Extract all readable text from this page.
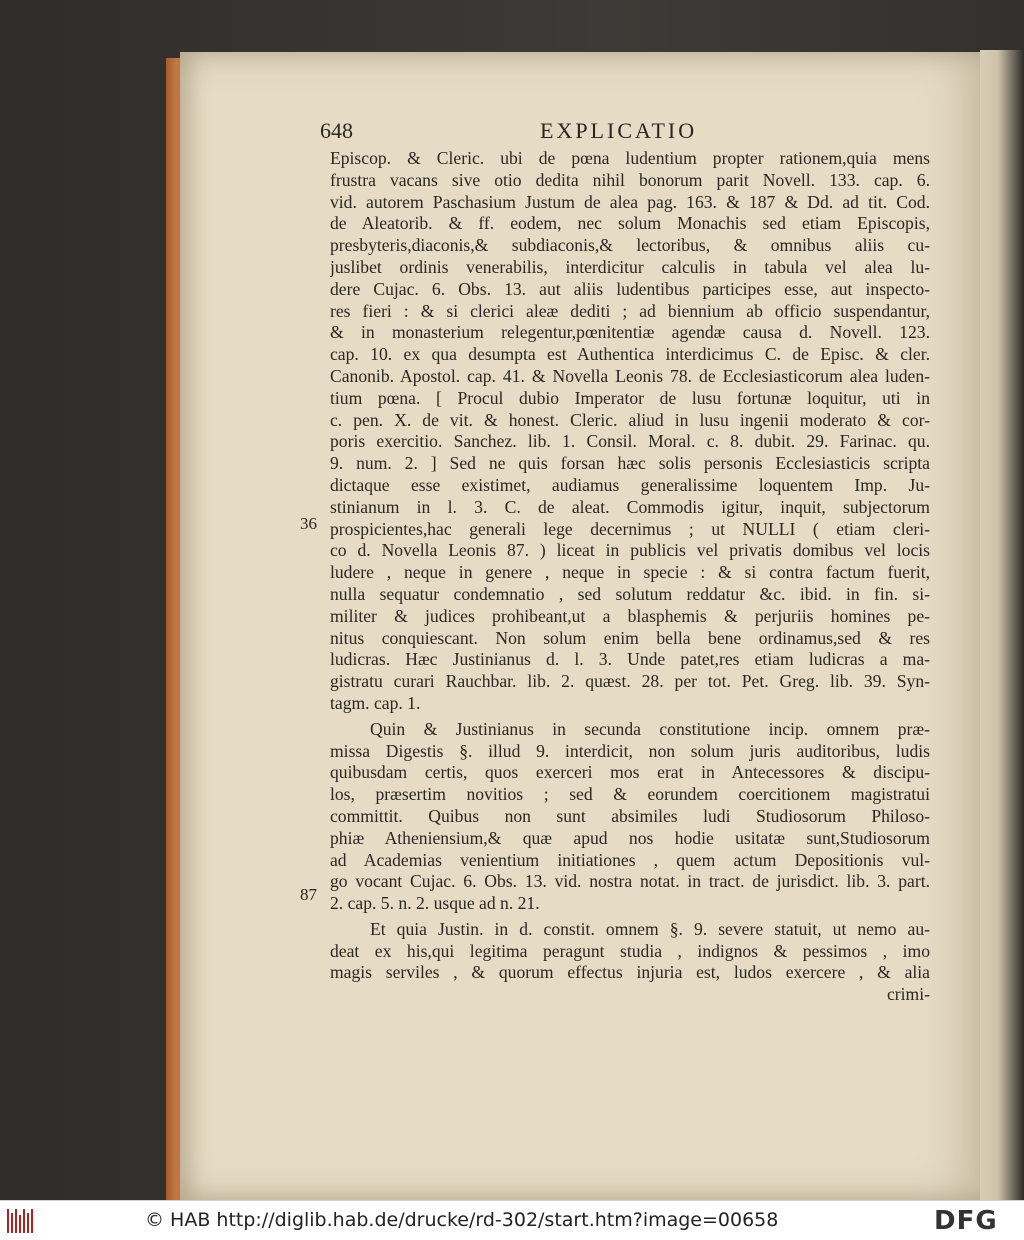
648	EXPLICATIO
36
87
Episcop. & Cleric. ubi de pœna ludentium propter rationem,quia mens
frustra vacans sive otio dedita nihil bonorum parit Novell. 133. cap. 6.
vid. autorem Paschasium Justum de alea pag. 163. & 187 & Dd. ad tit. Cod.
de Aleatorib. & ff. eodem, nec solum Monachis sed etiam Episcopis,
presbyteris,diaconis,& subdiaconis,& lectoribus, & omnibus aliis cu-
juslibet ordinis venerabilis, interdicitur calculis in tabula vel alea lu-
dere Cujac. 6. Obs. 13. aut aliis ludentibus participes esse, aut inspecto-
res fieri : & si clerici aleæ dediti ; ad biennium ab officio suspendantur,
& in monasterium relegentur,pœnitentiæ agendæ causa d. Novell. 123.
cap. 10. ex qua desumpta est Authentica interdicimus C. de Episc. & cler.
Canonib. Apostol. cap. 41. & Novella Leonis 78. de Ecclesiasticorum alea luden-
tium pœna. [ Procul dubio Imperator de lusu fortunæ loquitur, uti in
c. pen. X. de vit. & honest. Cleric. aliud in lusu ingenii moderato & cor-
poris exercitio. Sanchez. lib. 1. Consil. Moral. c. 8. dubit. 29. Farinac. qu.
9. num. 2. ] Sed ne quis forsan hæc solis personis Ecclesiasticis scripta
dictaque esse existimet, audiamus generalissime loquentem Imp. Ju-
stinianum in l. 3. C. de aleat. Commodis igitur, inquit, subjectorum
prospicientes,hac generali lege decernimus ; ut NULLI ( etiam cleri-
co d. Novella Leonis 87. ) liceat in publicis vel privatis domibus vel locis
ludere , neque in genere , neque in specie : & si contra factum fuerit,
nulla sequatur condemnatio , sed solutum reddatur &c. ibid. in fin. si-
militer & judices prohibeant,ut a blasphemis & perjuriis homines pe-
nitus conquiescant. Non solum enim bella bene ordinamus,sed & res
ludicras. Hæc Justinianus d. l. 3. Unde patet,res etiam ludicras a ma-
gistratu curari Rauchbar. lib. 2. quæst. 28. per tot. Pet. Greg. lib. 39. Syn-
tagm. cap. 1.
Quin & Justinianus in secunda constitutione incip. omnem præ-
missa Digestis §. illud 9. interdicit, non solum juris auditoribus, ludis
quibusdam certis, quos exerceri mos erat in Antecessores & discipu-
los, præsertim novitios ; sed & eorundem coercitionem magistratui
committit. Quibus non sunt absimiles ludi Studiosorum Philoso-
phiæ Atheniensium,& quæ apud nos hodie usitatæ sunt,Studiosorum
ad Academias venientium initiationes , quem actum Depositionis vul-
go vocant Cujac. 6. Obs. 13. vid. nostra notat. in tract. de jurisdict. lib. 3. part.
2. cap. 5. n. 2. usque ad n. 21.
Et quia Justin. in d. constit. omnem §. 9. severe statuit, ut nemo au-
deat ex his,qui legitima peragunt studia , indignos & pessimos , imo
magis serviles , & quorum effectus injuria est, ludos exercere , & alia
crimi-
© HAB http://diglib.hab.de/drucke/rd-302/start.htm?image=00658	DFG
